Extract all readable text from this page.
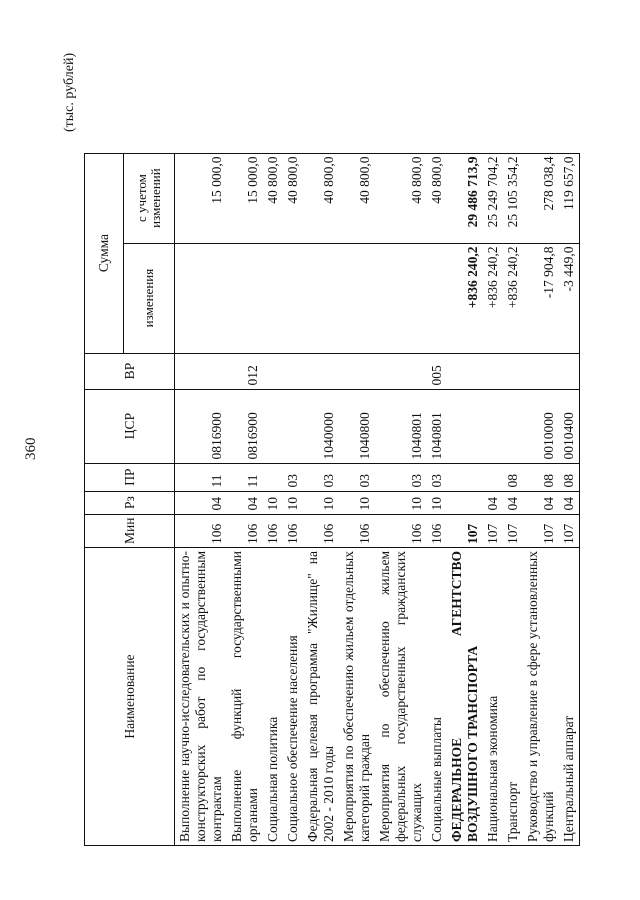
360
(тыс. рублей)
Наименование	Мин	Рз	ПР	ЦСР	ВР	Сумма	
						изменения	с учетом изменений
Выполнение научно-исследовательских и опытно-конструкторских работ по государственным контрактам	106	04	11	0816900			15 000,0
Выполнение функций государственными органами	106	04	11	0816900	012		15 000,0
Социальная политика	106	10					40 800,0
Социальное обеспечение населения	106	10	03				40 800,0
Федеральная целевая программа "Жилище" на 2002 - 2010 годы	106	10	03	1040000			40 800,0
Мероприятия по обеспечению жильем отдельных категорий граждан	106	10	03	1040800			40 800,0
Мероприятия по обеспечению жильем федеральных государственных гражданских служащих	106	10	03	1040801			40 800,0
Социальные выплаты	106	10	03	1040801	005		40 800,0
ФЕДЕРАЛЬНОЕ АГЕНТСТВО ВОЗДУШНОГО ТРАНСПОРТА	107					+836 240,2	29 486 713,9
Национальная экономика	107	04				+836 240,2	25 249 704,2
Транспорт	107	04	08			+836 240,2	25 105 354,2
Руководство и управление в сфере установленных функций	107	04	08	0010000		-17 904,8	278 038,4
Центральный аппарат	107	04	08	0010400		-3 449,0	119 657,0
